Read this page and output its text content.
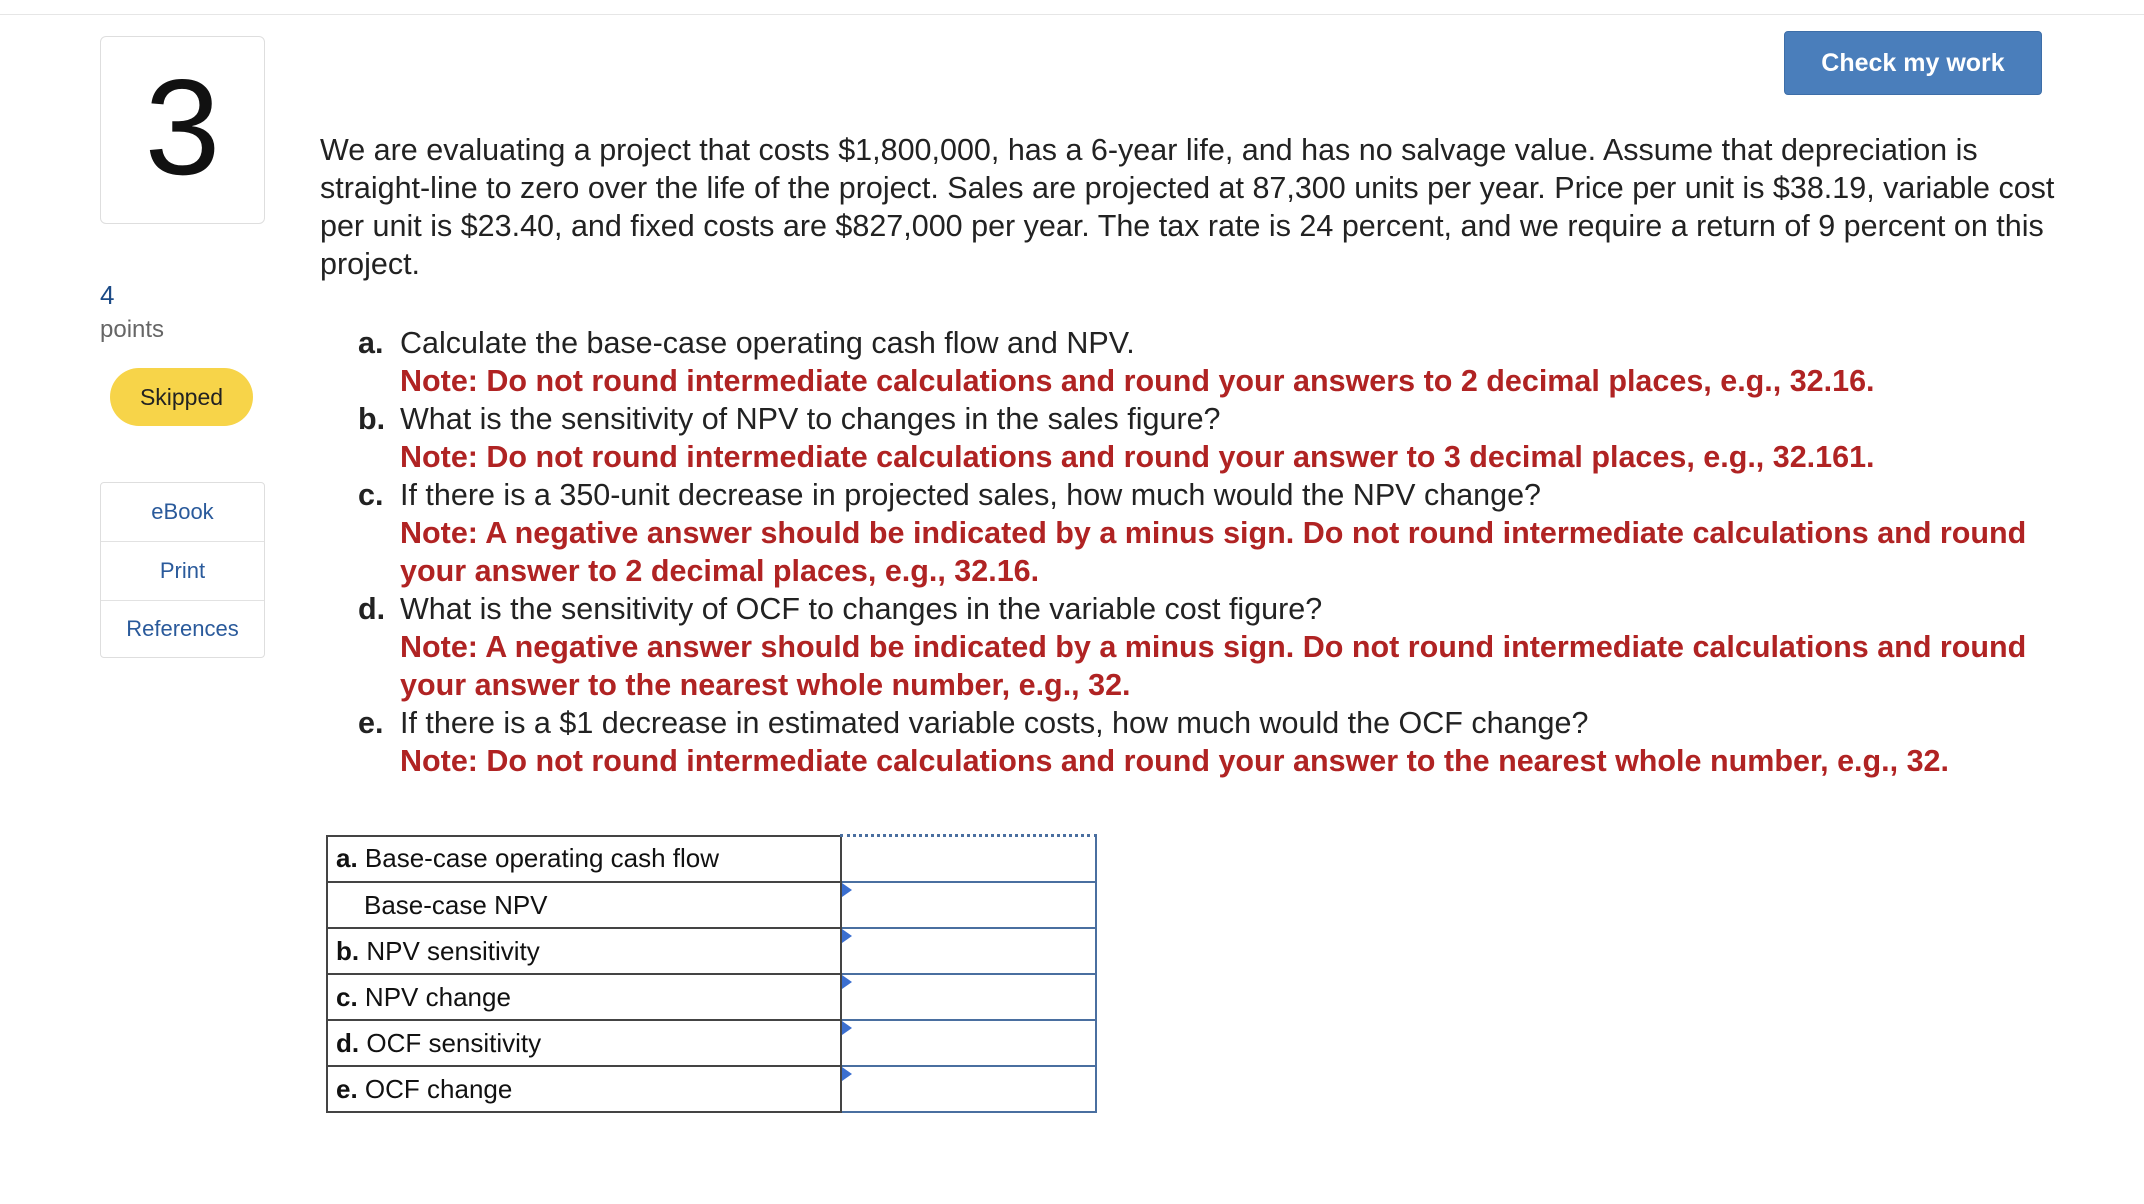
3
4
points
Skipped
eBook
Print
References
Check my work
We are evaluating a project that costs $1,800,000, has a 6-year life, and has no salvage value. Assume that depreciation is straight-line to zero over the life of the project. Sales are projected at 87,300 units per year. Price per unit is $38.19, variable cost per unit is $23.40, and fixed costs are $827,000 per year. The tax rate is 24 percent, and we require a return of 9 percent on this project.
a. Calculate the base-case operating cash flow and NPV.
Note: Do not round intermediate calculations and round your answers to 2 decimal places, e.g., 32.16.
b. What is the sensitivity of NPV to changes in the sales figure?
Note: Do not round intermediate calculations and round your answer to 3 decimal places, e.g., 32.161.
c. If there is a 350-unit decrease in projected sales, how much would the NPV change?
Note: A negative answer should be indicated by a minus sign. Do not round intermediate calculations and round your answer to 2 decimal places, e.g., 32.16.
d. What is the sensitivity of OCF to changes in the variable cost figure?
Note: A negative answer should be indicated by a minus sign. Do not round intermediate calculations and round your answer to the nearest whole number, e.g., 32.
e. If there is a $1 decrease in estimated variable costs, how much would the OCF change?
Note: Do not round intermediate calculations and round your answer to the nearest whole number, e.g., 32.
a. Base-case operating cash flow	
Base-case NPV	

b. NPV sensitivity	

c. NPV change	

d. OCF sensitivity	

e. OCF change	
